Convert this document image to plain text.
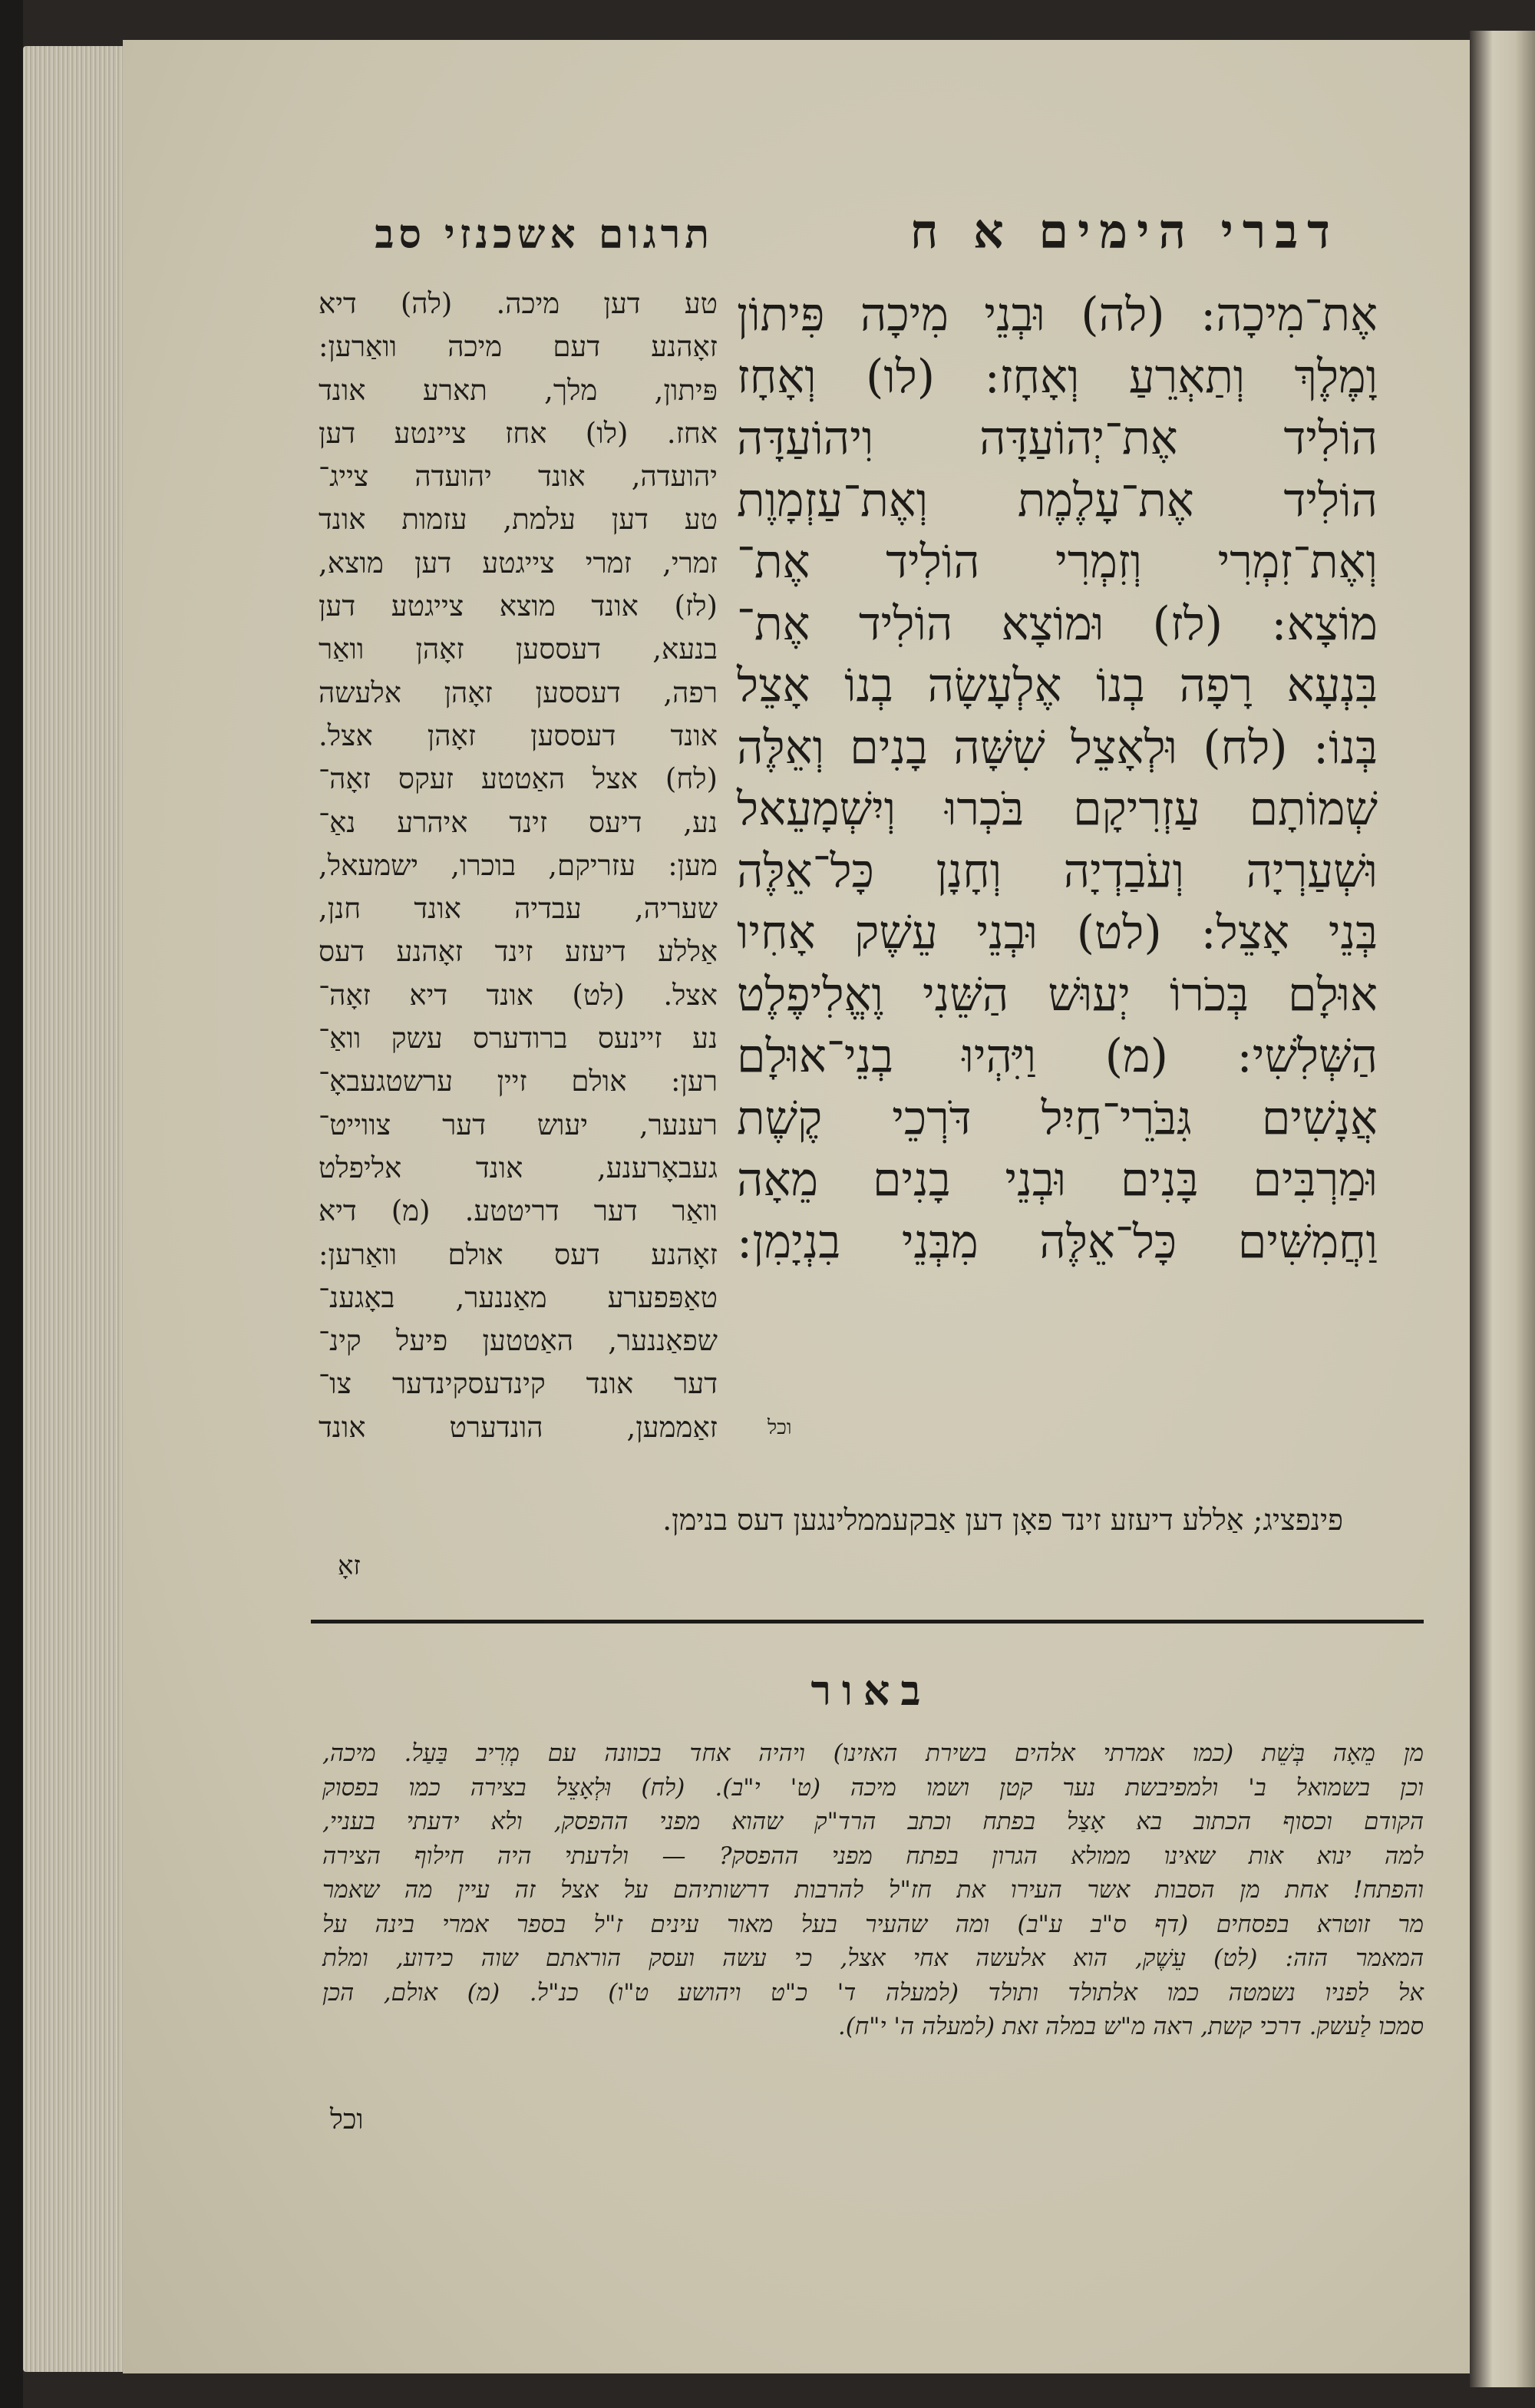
תרגום אשכנזי סב	דברי הימים א ח
אֶת־מִיכָה: (לה) וּבְנֵי מִיכָה פִּיתוֹן
וָמֶלֶךְ וְתַאְרֵעַ וְאָחָז: (לו) וְאָחָז
הוֹלִיד אֶת־יְהוֹעַדָּה וִיהוֹעַדָּה
הוֹלִיד אֶת־עָלֶמֶת וְאֶת־עַזְמָוֶת
וְאֶת־זִמְרִי וְזִמְרִי הוֹלִיד אֶת־
מוֹצָא: (לז) וּמוֹצָא הוֹלִיד אֶת־
בִּנְעָא רָפָה בְנוֹ אֶלְעָשָׂה בְנוֹ אָצֵל
בְּנוֹ: (לח) וּלְאָצֵל שִׁשָּׁה בָנִים וְאֵלֶּה
שְׁמוֹתָם עַזְרִיקָם בֹּכְרוּ וְיִשְׁמָעֵאל
וּשְׁעַרְיָה וְעֹבַדְיָה וְחָנָן כָּל־אֵלֶּה
בְּנֵי אָצֵל: (לט) וּבְנֵי עֵשֶׁק אָחִיו
אוּלָם בְּכֹרוֹ יְעוּשׁ הַשֵּׁנִי וֶאֱלִיפֶלֶט
הַשְּׁלִשִׁי: (מ) וַיִּהְיוּ בְנֵי־אוּלָם
אֲנָשִׁים גִּבֹּרֵי־חַיִל דֹּרְכֵי קֶשֶׁת
וּמַרְבִּים בָּנִים וּבְנֵי בָנִים מֵאָה
וַחֲמִשִּׁים כָּל־אֵלֶּה מִבְּנֵי בִנְיָמִן:
וכל
טע דען מיכה. (לה) דיא
זאָהנע דעם מיכה וואַרען:
פּיתון, מלך, תארע אונד
אחז. (לו) אחז ציינטע דען
יהועדה, אונד יהועדה צייג־
טע דען עלמת, עזמות אונד
זמרי, זמרי צייגטע דען מוצא,
(לז) אונד מוצא צייגטע דען
בנעא, דעססען זאָהן וואַר
רפה, דעססען זאָהן אלעשה
אונד דעססען זאָהן אצל.
(לח) אצל האַטטע זעקס זאָה־
נע, דיעס זינד איהרע נאַ־
מען: עזריקם, בוכרו, ישמעאל,
שעריה, עבדיה אונד חנן,
אַללע דיעזע זינד זאָהנע דעס
אצל. (לט) אונד דיא זאָה־
נע זיינעס ברודערס עשק וואַ־
רען: אולם זיין ערשטגעבאָ־
רענער, יעוש דער צווייט־
געבאָרענע, אונד אליפלט
וואַר דער דריטטע. (מ) דיא
זאָהנע דעס אולם וואַרען:
טאַפּפערע מאַננער, באָגענ־
שפאַננער, האַטטען פיעל קינ־
דער אונד קינדעסקינדער צו־
זאַממען, הונדערט אונד
פינפציג; אַללע דיעזע זינד פאָן דען אַבקעממלינגען דעס בנימן.
זאָ
באור
מן מֵאָה בְּשֵׁת (כמו אמרתי אלהים בשירת האזינו) ויהיה אחד בכוונה עם מְרִיב בַּעַל. מיכה,
וכן בשמואל ב' ולמפיבשת נער קטן ושמו מיכה (ט' י"ב). (לח) וּלְאָצֵל בצירה כמו בפסוק
הקודם וכסוף הכתוב בא אָצַל בפתח וכתב הרד"ק שהוא מפני ההפסק, ולא ידעתי בעניי,
למה ינוא אות שאינו ממולא הגרון בפתח מפני ההפסק? — ולדעתי היה חילוף הצירה
והפתח! אחת מן הסבות אשר העירו את חז"ל להרבות דרשותיהם על אצל זה עיין מה שאמר
מר זוטרא בפסחים (דף ס"ב ע"ב) ומה שהעיר בעל מאור עינים ז"ל בספר אמרי בינה על
המאמר הזה: (לט) עֵשֶׁק, הוא אלעשה אחי אצל, כי עשה ועסק הוראתם שוה כידוע, ומלת
אל לפניו נשמטה כמו אלתולד ותולד (למעלה ד' כ"ט ויהושע ט"ו) כנ"ל. (מ) אולם, הכן
סמכו לַעשק. דרכי קשת, ראה מ"ש במלה זאת (למעלה ה' י"ח).
וכל
